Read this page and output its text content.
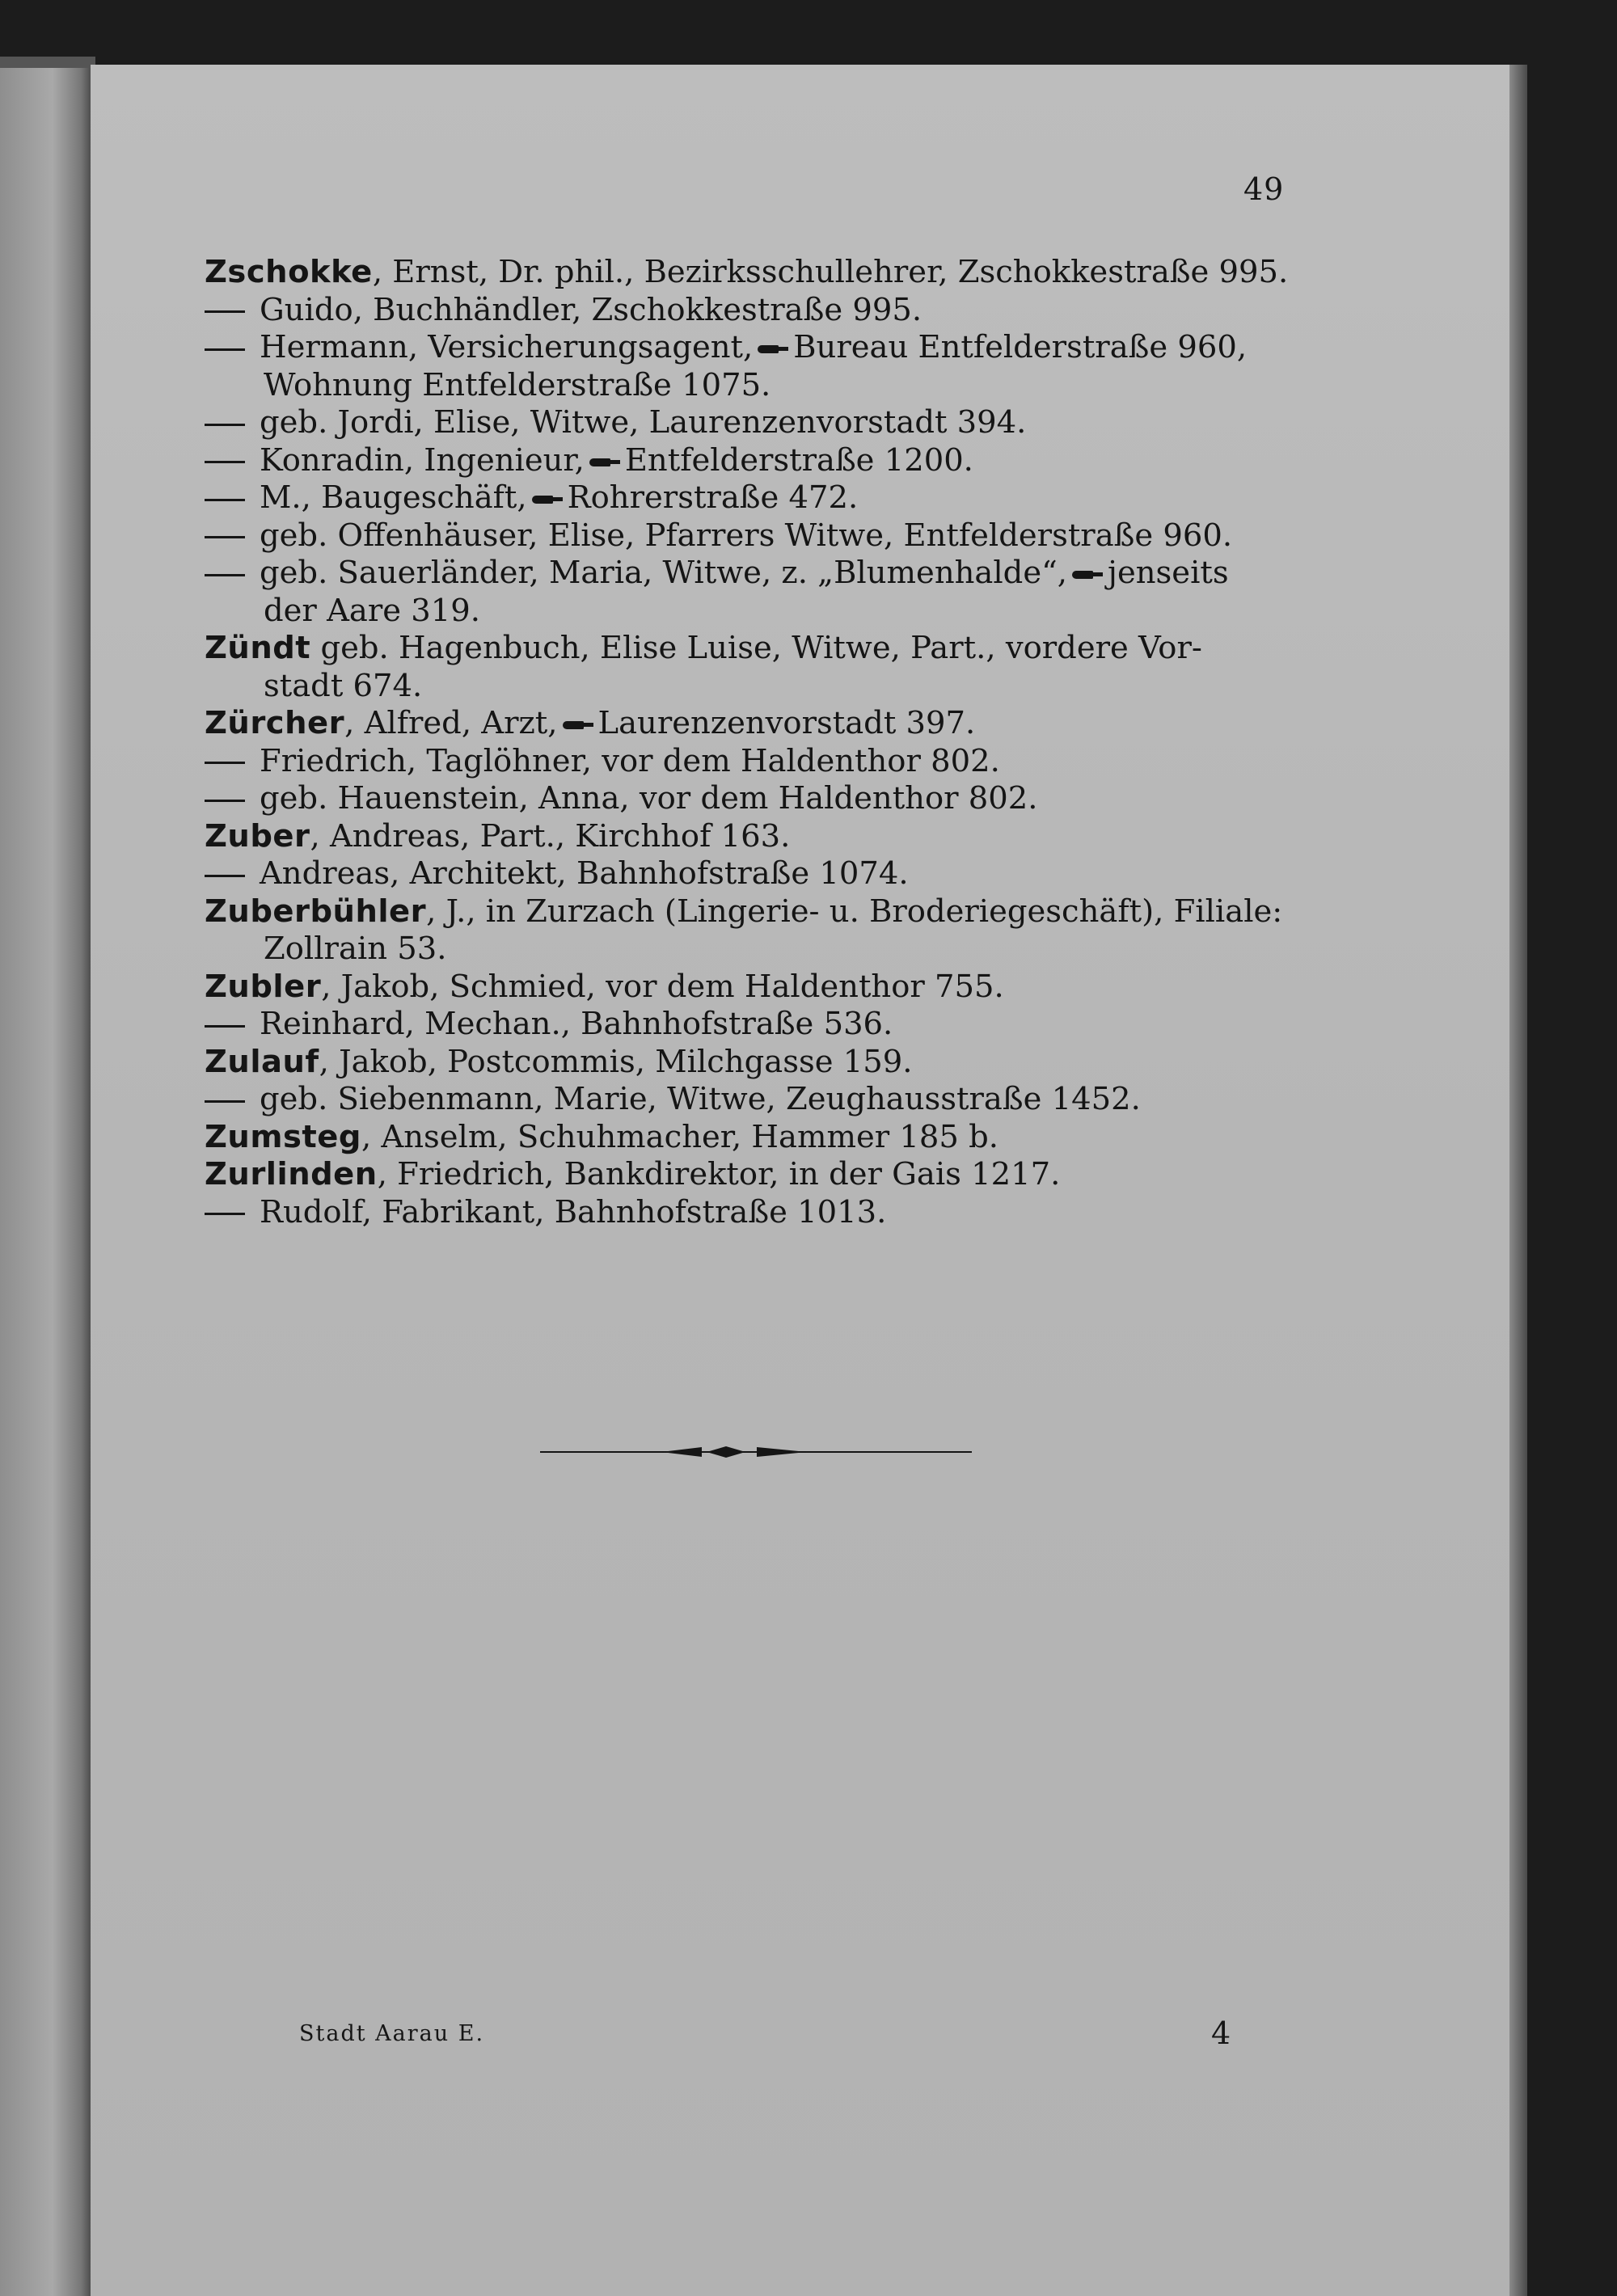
49
Zschokke, Ernst, Dr. phil., Bezirksschullehrer, Zschokkestraße 995.
Guido, Buchhändler, Zschokkestraße 995.
Hermann, Versicherungsagent, Bureau Entfelderstraße 960,
Wohnung Entfelderstraße 1075.
geb. Jordi, Elise, Witwe, Laurenzenvorstadt 394.
Konradin, Ingenieur, Entfelderstraße 1200.
M., Baugeschäft, Rohrerstraße 472.
geb. Offenhäuser, Elise, Pfarrers Witwe, Entfelderstraße 960.
geb. Sauerländer, Maria, Witwe, z. „Blumenhalde“, jenseits
der Aare 319.
Zündt geb. Hagenbuch, Elise Luise, Witwe, Part., vordere Vor-
stadt 674.
Zürcher, Alfred, Arzt, Laurenzenvorstadt 397.
Friedrich, Taglöhner, vor dem Haldenthor 802.
geb. Hauenstein, Anna, vor dem Haldenthor 802.
Zuber, Andreas, Part., Kirchhof 163.
Andreas, Architekt, Bahnhofstraße 1074.
Zuberbühler, J., in Zurzach (Lingerie- u. Broderiegeschäft), Filiale:
Zollrain 53.
Zubler, Jakob, Schmied, vor dem Haldenthor 755.
Reinhard, Mechan., Bahnhofstraße 536.
Zulauf, Jakob, Postcommis, Milchgasse 159.
geb. Siebenmann, Marie, Witwe, Zeughausstraße 1452.
Zumsteg, Anselm, Schuhmacher, Hammer 185 b.
Zurlinden, Friedrich, Bankdirektor, in der Gais 1217.
Rudolf, Fabrikant, Bahnhofstraße 1013.
Stadt Aarau E.	4
